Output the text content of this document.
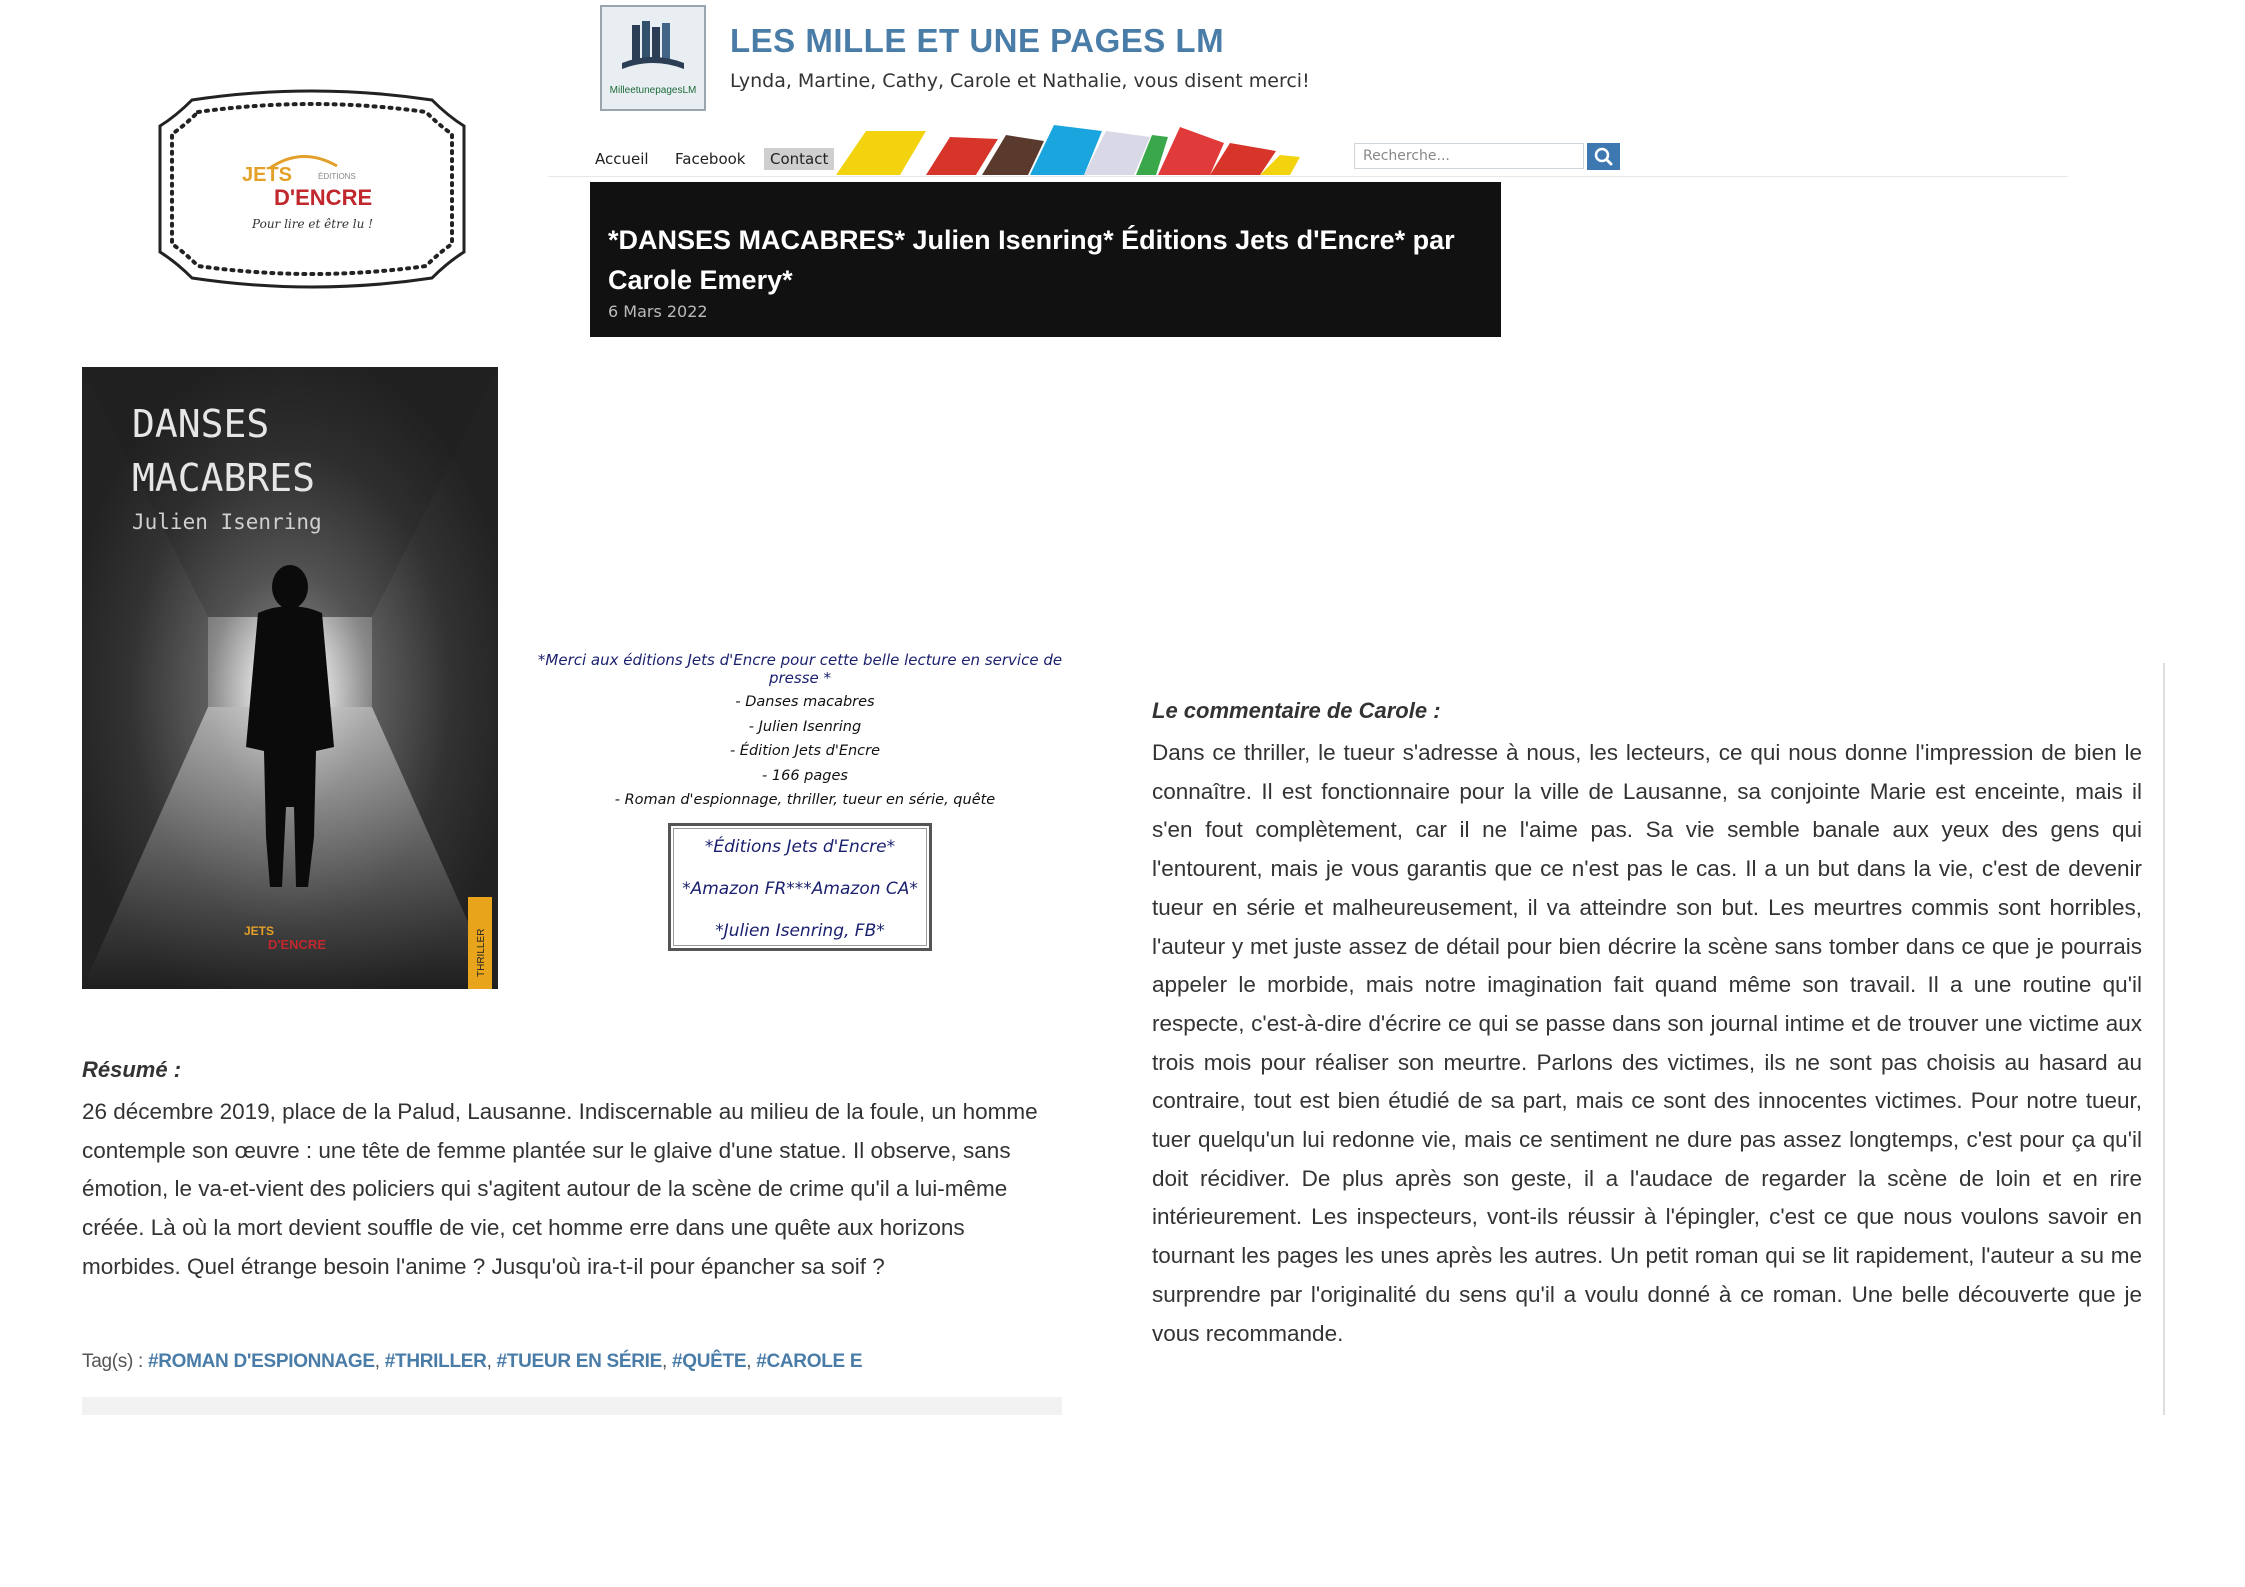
JETS	ÉDITIONS
D'ENCRE
Pour lire et être lu !
MilleetunepagesLM
LES MILLE ET UNE PAGES LM
Lynda, Martine, Cathy, Carole et Nathalie, vous disent merci!
Accueil Facebook	Contact
Recherche...
*DANSES MACABRES* Julien Isenring* Éditions Jets d'Encre* par Carole Emery*
6 Mars 2022
DANSES
MACABRES
Julien Isenring
JETS
D'ENCRE	THRILLER
*Merci aux éditions Jets d'Encre pour cette belle lecture en service de presse *
- Danses macabres
- Julien Isenring
- Édition Jets d'Encre
- 166 pages
- Roman d'espionnage, thriller, tueur en série, quête
*Éditions Jets d'Encre*
*Amazon FR***Amazon CA*
*Julien Isenring, FB*
Résumé :
26 décembre 2019, place de la Palud, Lausanne. Indiscernable au milieu de la foule, un homme contemple son œuvre : une tête de femme plantée sur le glaive d'une statue. Il observe, sans émotion, le va-et-vient des policiers qui s'agitent autour de la scène de crime qu'il a lui-même créée. Là où la mort devient souffle de vie, cet homme erre dans une quête aux horizons morbides. Quel étrange besoin l'anime ? Jusqu'où ira-t-il pour épancher sa soif ?
Tag(s) : #ROMAN D'ESPIONNAGE, #THRILLER, #TUEUR EN SÉRIE, #QUÊTE, #CAROLE E
Le commentaire de Carole :
Dans ce thriller, le tueur s'adresse à nous, les lecteurs, ce qui nous donne l'impression de bien le connaître. Il est fonctionnaire pour la ville de Lausanne, sa conjointe Marie est enceinte, mais il s'en fout complètement, car il ne l'aime pas. Sa vie semble banale aux yeux des gens qui l'entourent, mais je vous garantis que ce n'est pas le cas. Il a un but dans la vie, c'est de devenir tueur en série et malheureusement, il va atteindre son but. Les meurtres commis sont horribles, l'auteur y met juste assez de détail pour bien décrire la scène sans tomber dans ce que je pourrais appeler le morbide, mais notre imagination fait quand même son travail. Il a une routine qu'il respecte, c'est-à-dire d'écrire ce qui se passe dans son journal intime et de trouver une victime aux trois mois pour réaliser son meurtre. Parlons des victimes, ils ne sont pas choisis au hasard au contraire, tout est bien étudié de sa part, mais ce sont des innocentes victimes. Pour notre tueur, tuer quelqu'un lui redonne vie, mais ce sentiment ne dure pas assez longtemps, c'est pour ça qu'il doit récidiver. De plus après son geste, il a l'audace de regarder la scène de loin et en rire intérieurement. Les inspecteurs, vont-ils réussir à l'épingler, c'est ce que nous voulons savoir en tournant les pages les unes après les autres. Un petit roman qui se lit rapidement, l'auteur a su me surprendre par l'originalité du sens qu'il a voulu donné à ce roman. Une belle découverte que je vous recommande.
